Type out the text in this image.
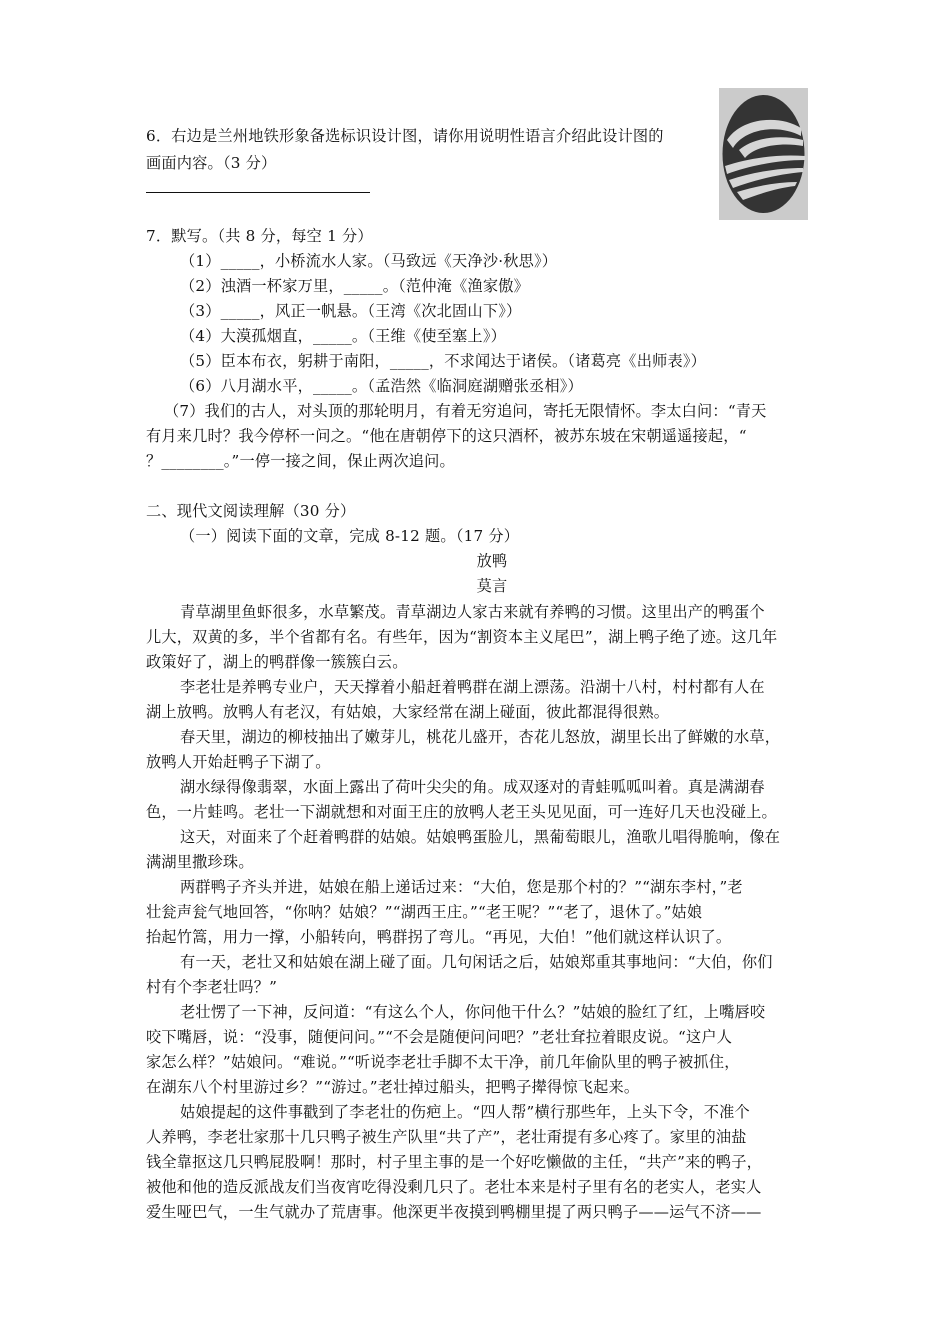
6．右边是兰州地铁形象备选标识设计图，请你用说明性语言介绍此设计图的
画面内容。（3 分）
7．默写。（共 8 分，每空 1 分）
（1）_____，小桥流水人家。（马致远《天净沙·秋思》）
（2）浊酒一杯家万里，_____。（范仲淹《渔家傲》
（3）_____，风正一帆悬。（王湾《次北固山下》）
（4）大漠孤烟直，_____。（王维《使至塞上》）
（5）臣本布衣，躬耕于南阳，_____，不求闻达于诸侯。（诸葛亮《出师表》）
（6）八月湖水平，_____。（孟浩然《临洞庭湖赠张丞相》）
（7）我们的古人，对头顶的那轮明月，有着无穷追问，寄托无限情怀。李太白问：“青天
有月来几时？我今停杯一问之。“他在唐朝停下的这只酒杯，被苏东坡在宋朝遥遥接起，“
？________。”一停一接之间，保止两次追问。
二、现代文阅读理解（30 分）
（一）阅读下面的文章，完成 8-12 题。（17 分）
放鸭
莫言
青草湖里鱼虾很多，水草繁茂。青草湖边人家古来就有养鸭的习惯。这里出产的鸭蛋个
儿大，双黄的多，半个省都有名。有些年，因为“割资本主义尾巴”，湖上鸭子绝了迹。这几年
政策好了，湖上的鸭群像一簇簇白云。
李老壮是养鸭专业户，天天撑着小船赶着鸭群在湖上漂荡。沿湖十八村，村村都有人在
湖上放鸭。放鸭人有老汉，有姑娘，大家经常在湖上碰面，彼此都混得很熟。
春天里，湖边的柳枝抽出了嫩芽儿，桃花儿盛开，杏花儿怒放，湖里长出了鲜嫩的水草，
放鸭人开始赶鸭子下湖了。
湖水绿得像翡翠，水面上露出了荷叶尖尖的角。成双逐对的青蛙呱呱叫着。真是满湖春
色，一片蛙鸣。老壮一下湖就想和对面王庄的放鸭人老王头见见面，可一连好几天也没碰上。
这天，对面来了个赶着鸭群的姑娘。姑娘鸭蛋脸儿，黑葡萄眼儿，渔歌儿唱得脆响，像在
满湖里撒珍珠。
两群鸭子齐头并进，姑娘在船上递话过来：“大伯，您是那个村的？”“湖东李村，”老
壮瓮声瓮气地回答，“你呐？姑娘？”“湖西王庄。”“老王呢？”“老了，退休了。”姑娘
抬起竹篙，用力一撑，小船转向，鸭群拐了弯儿。“再见，大伯！”他们就这样认识了。
有一天，老壮又和姑娘在湖上碰了面。几句闲话之后，姑娘郑重其事地问：“大伯，你们
村有个李老壮吗？”
老壮愣了一下神，反问道：“有这么个人，你问他干什么？”姑娘的脸红了红，上嘴唇咬
咬下嘴唇，说：“没事，随便问问。”“不会是随便问问吧？”老壮耷拉着眼皮说。“这户人
家怎么样？”姑娘问。“难说。”“听说李老壮手脚不太干净，前几年偷队里的鸭子被抓住，
在湖东八个村里游过乡？”“游过。”老壮掉过船头，把鸭子撵得惊飞起来。
姑娘提起的这件事戳到了李老壮的伤疤上。“四人帮”横行那些年，上头下令，不准个
人养鸭，李老壮家那十几只鸭子被生产队里“共了产”，老壮甭提有多心疼了。家里的油盐
钱全靠抠这几只鸭屁股啊！那时，村子里主事的是一个好吃懒做的主任，“共产”来的鸭子，
被他和他的造反派战友们当夜宵吃得没剩几只了。老壮本来是村子里有名的老实人，老实人
爱生哑巴气，一生气就办了荒唐事。他深更半夜摸到鸭棚里提了两只鸭子——运气不济——
